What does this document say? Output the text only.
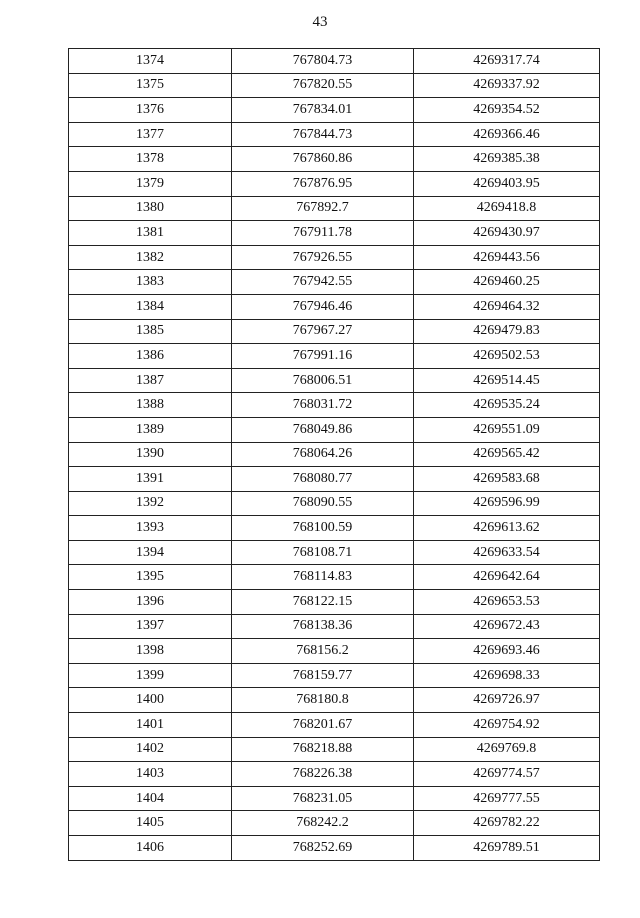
43
1374	767804.73	4269317.74
1375	767820.55	4269337.92
1376	767834.01	4269354.52
1377	767844.73	4269366.46
1378	767860.86	4269385.38
1379	767876.95	4269403.95
1380	767892.7	4269418.8
1381	767911.78	4269430.97
1382	767926.55	4269443.56
1383	767942.55	4269460.25
1384	767946.46	4269464.32
1385	767967.27	4269479.83
1386	767991.16	4269502.53
1387	768006.51	4269514.45
1388	768031.72	4269535.24
1389	768049.86	4269551.09
1390	768064.26	4269565.42
1391	768080.77	4269583.68
1392	768090.55	4269596.99
1393	768100.59	4269613.62
1394	768108.71	4269633.54
1395	768114.83	4269642.64
1396	768122.15	4269653.53
1397	768138.36	4269672.43
1398	768156.2	4269693.46
1399	768159.77	4269698.33
1400	768180.8	4269726.97
1401	768201.67	4269754.92
1402	768218.88	4269769.8
1403	768226.38	4269774.57
1404	768231.05	4269777.55
1405	768242.2	4269782.22
1406	768252.69	4269789.51
